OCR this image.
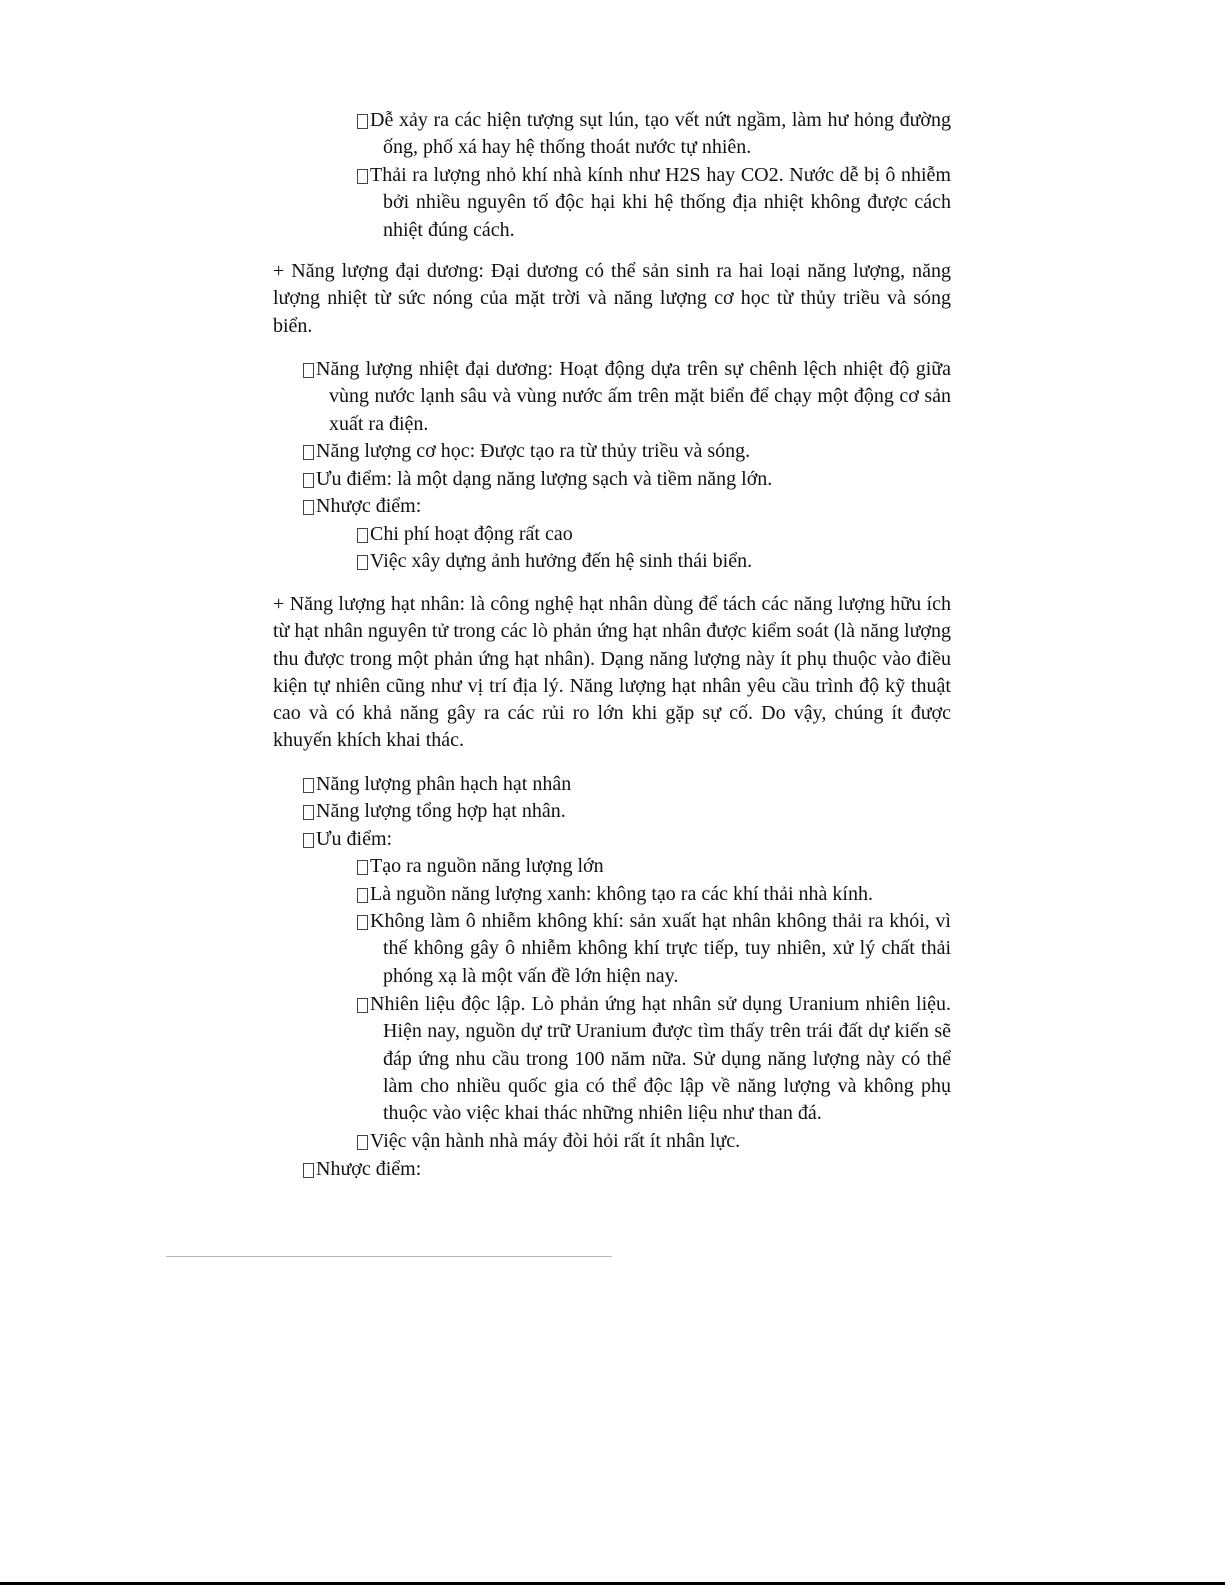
Dễ xảy ra các hiện tượng sụt lún, tạo vết nứt ngầm, làm hư hỏng đường ống, phố xá hay hệ thống thoát nước tự nhiên.
Thải ra lượng nhỏ khí nhà kính như H2S hay CO2. Nước dễ bị ô nhiễm bởi nhiều nguyên tố độc hại khi hệ thống địa nhiệt không được cách nhiệt đúng cách.
+ Năng lượng đại dương: Đại dương có thể sản sinh ra hai loại năng lượng, năng lượng nhiệt từ sức nóng của mặt trời và năng lượng cơ học từ thủy triều và sóng biển.
Năng lượng nhiệt đại dương: Hoạt động dựa trên sự chênh lệch nhiệt độ giữa vùng nước lạnh sâu và vùng nước ấm trên mặt biển để chạy một động cơ sản xuất ra điện.
Năng lượng cơ học: Được tạo ra từ thủy triều và sóng.
Ưu điểm: là một dạng năng lượng sạch và tiềm năng lớn.
Nhược điểm:
Chi phí hoạt động rất cao
Việc xây dựng ảnh hưởng đến hệ sinh thái biển.
+ Năng lượng hạt nhân: là công nghệ hạt nhân dùng để tách các năng lượng hữu ích từ hạt nhân nguyên tử trong các lò phản ứng hạt nhân được kiểm soát (là năng lượng thu được trong một phản ứng hạt nhân). Dạng năng lượng này ít phụ thuộc vào điều kiện tự nhiên cũng như vị trí địa lý. Năng lượng hạt nhân yêu cầu trình độ kỹ thuật cao và có khả năng gây ra các rủi ro lớn khi gặp sự cố. Do vậy, chúng ít được khuyến khích khai thác.
Năng lượng phân hạch hạt nhân
Năng lượng tổng hợp hạt nhân.
Ưu điểm:
Tạo ra nguồn năng lượng lớn
Là nguồn năng lượng xanh: không tạo ra các khí thải nhà kính.
Không làm ô nhiễm không khí: sản xuất hạt nhân không thải ra khói, vì thế không gây ô nhiễm không khí trực tiếp, tuy nhiên, xử lý chất thải phóng xạ là một vấn đề lớn hiện nay.
Nhiên liệu độc lập. Lò phản ứng hạt nhân sử dụng Uranium nhiên liệu. Hiện nay, nguồn dự trữ Uranium được tìm thấy trên trái đất dự kiến sẽ đáp ứng nhu cầu trong 100 năm nữa. Sử dụng năng lượng này có thể làm cho nhiều quốc gia có thể độc lập về năng lượng và không phụ thuộc vào việc khai thác những nhiên liệu như than đá.
Việc vận hành nhà máy đòi hỏi rất ít nhân lực.
Nhược điểm:
